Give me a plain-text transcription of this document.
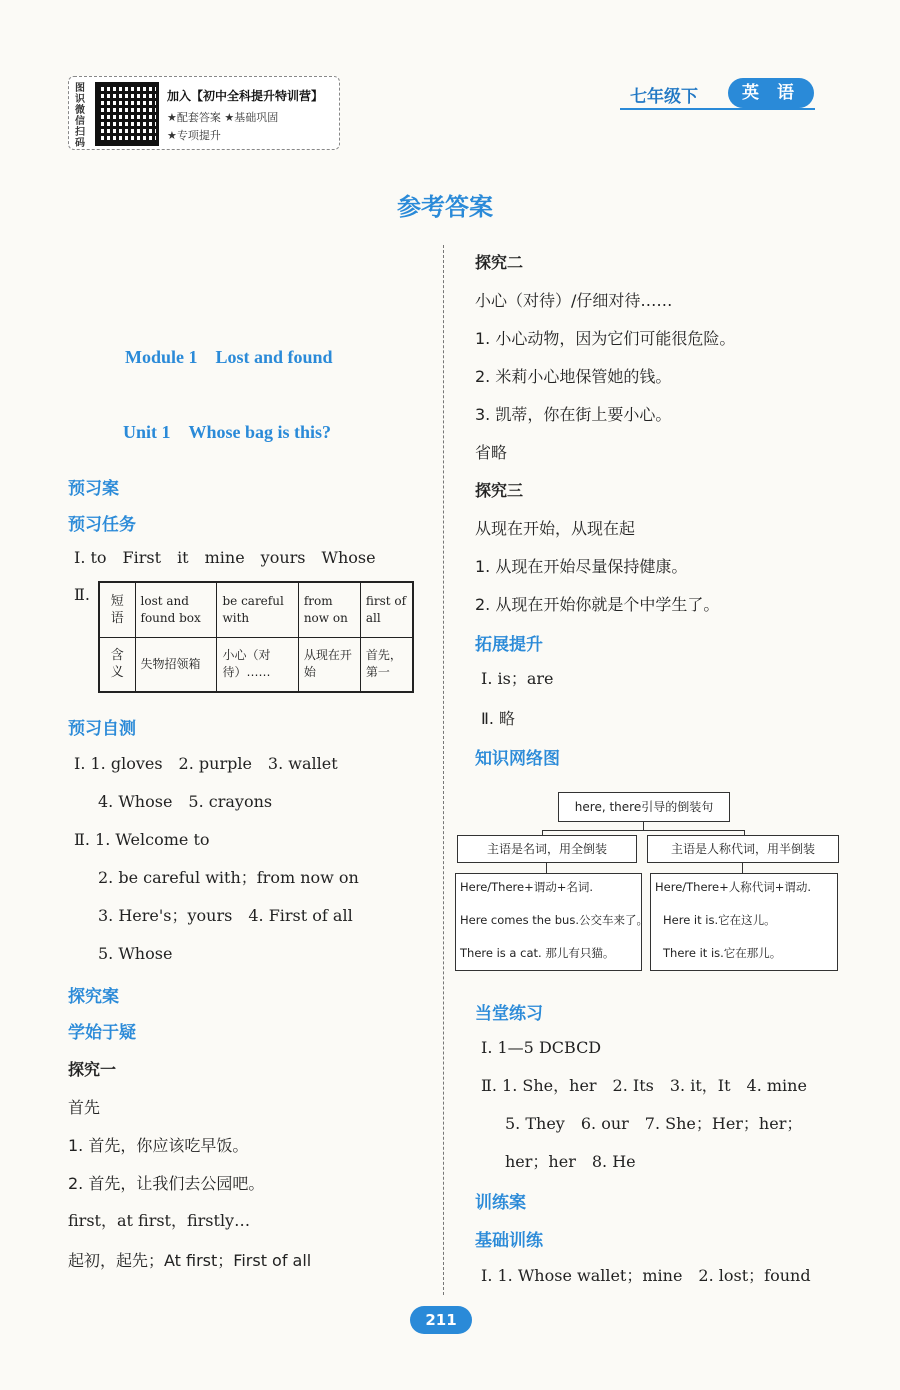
图识微信扫码
加入【初中全科提升特训营】
★配套答案 ★基础巩固
★专项提升
七年级下	英 语
参考答案
Module 1　Lost and found
Unit 1　Whose bag is this?
预习案
预习任务
Ⅰ. to　First　it　mine　yours　Whose
Ⅱ. 短语	lost and found box	be careful with	from now on	first of all
含义	失物招领箱	小心（对待）……	从现在开始	首先，第一
预习自测
Ⅰ. 1. gloves　2. purple　3. wallet
4. Whose　5. crayons
Ⅱ. 1. Welcome to
2. be careful with；from now on
3. Here's；yours　4. First of all
5. Whose
探究案
学始于疑
探究一
首先
1. 首先，你应该吃早饭。
2. 首先，让我们去公园吧。
first，at first，firstly…
起初，起先；At first；First of all
探究二
小心（对待）/仔细对待……
1. 小心动物，因为它们可能很危险。
2. 米莉小心地保管她的钱。
3. 凯蒂，你在街上要小心。
省略
探究三
从现在开始，从现在起
1. 从现在开始尽量保持健康。
2. 从现在开始你就是个中学生了。
拓展提升
Ⅰ. is；are
Ⅱ. 略
知识网络图
here, there引导的倒装句
主语是名词，用全倒装	主语是人称代词，用半倒装
Here/There+谓动+名词.
Here comes the bus.公交车来了。
There is a cat. 那儿有只猫。
Here/There+人称代词+谓动.
Here it is.它在这儿。
There it is.它在那儿。
当堂练习
Ⅰ. 1—5 DCBCD
Ⅱ. 1. She，her　2. Its　3. it，It　4. mine
5. They　6. our　7. She；Her；her；
her；her　8. He
训练案
基础训练
Ⅰ. 1. Whose wallet；mine　2. lost；found
211
